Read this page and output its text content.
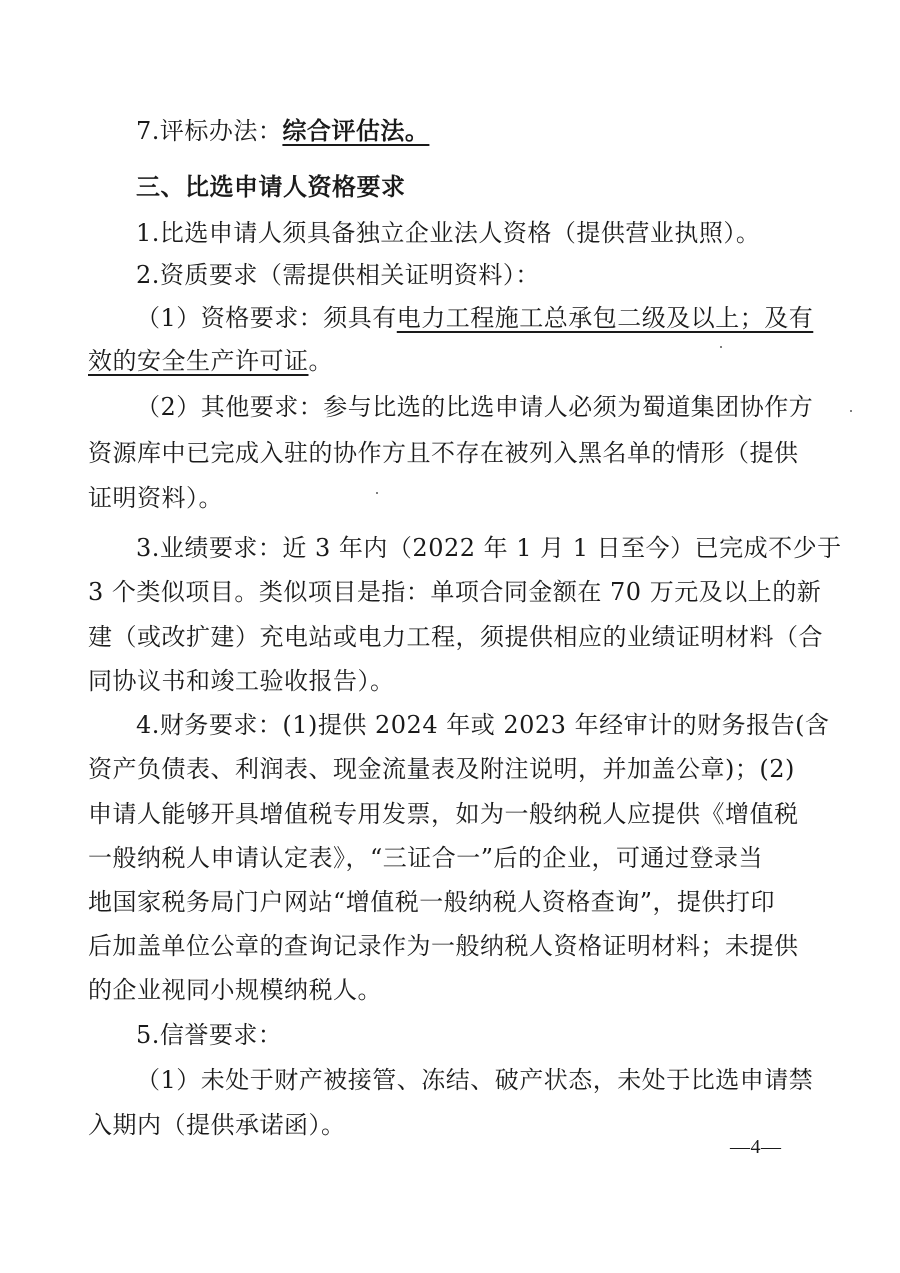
7.评标办法：综合评估法。
三、比选申请人资格要求
1.比选申请人须具备独立企业法人资格（提供营业执照）。
2.资质要求（需提供相关证明资料）：
（1）资格要求：须具有电力工程施工总承包二级及以上；及有
效的安全生产许可证。
（2）其他要求：参与比选的比选申请人必须为蜀道集团协作方
资源库中已完成入驻的协作方且不存在被列入黑名单的情形（提供
证明资料）。
3.业绩要求：近 3 年内（2022 年 1 月 1 日至今）已完成不少于
3 个类似项目。类似项目是指：单项合同金额在 70 万元及以上的新
建（或改扩建）充电站或电力工程，须提供相应的业绩证明材料（合
同协议书和竣工验收报告）。
4.财务要求：(1)提供 2024 年或 2023 年经审计的财务报告(含
资产负债表、利润表、现金流量表及附注说明，并加盖公章)；(2)
申请人能够开具增值税专用发票，如为一般纳税人应提供《增值税
一般纳税人申请认定表》，“三证合一”后的企业，可通过登录当
地国家税务局门户网站“增值税一般纳税人资格查询”，提供打印
后加盖单位公章的查询记录作为一般纳税人资格证明材料；未提供
的企业视同小规模纳税人。
5.信誉要求：
（1）未处于财产被接管、冻结、破产状态，未处于比选申请禁
入期内（提供承诺函）。
—4—
